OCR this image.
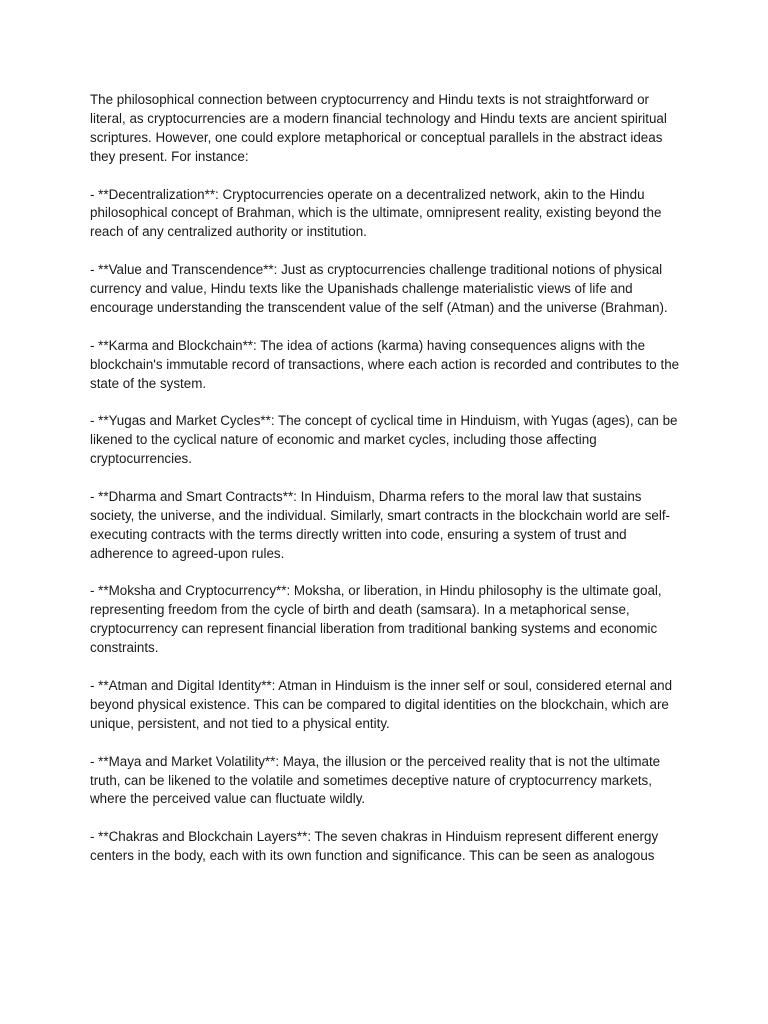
The philosophical connection between cryptocurrency and Hindu texts is not straightforward or literal, as cryptocurrencies are a modern financial technology and Hindu texts are ancient spiritual scriptures. However, one could explore metaphorical or conceptual parallels in the abstract ideas they present. For instance:

- **Decentralization**: Cryptocurrencies operate on a decentralized network, akin to the Hindu philosophical concept of Brahman, which is the ultimate, omnipresent reality, existing beyond the reach of any centralized authority or institution.

- **Value and Transcendence**: Just as cryptocurrencies challenge traditional notions of physical currency and value, Hindu texts like the Upanishads challenge materialistic views of life and encourage understanding the transcendent value of the self (Atman) and the universe (Brahman).

- **Karma and Blockchain**: The idea of actions (karma) having consequences aligns with the blockchain's immutable record of transactions, where each action is recorded and contributes to the state of the system.

- **Yugas and Market Cycles**: The concept of cyclical time in Hinduism, with Yugas (ages), can be likened to the cyclical nature of economic and market cycles, including those affecting cryptocurrencies.

- **Dharma and Smart Contracts**: In Hinduism, Dharma refers to the moral law that sustains society, the universe, and the individual. Similarly, smart contracts in the blockchain world are self-executing contracts with the terms directly written into code, ensuring a system of trust and adherence to agreed-upon rules.

- **Moksha and Cryptocurrency**: Moksha, or liberation, in Hindu philosophy is the ultimate goal, representing freedom from the cycle of birth and death (samsara). In a metaphorical sense, cryptocurrency can represent financial liberation from traditional banking systems and economic constraints.

- **Atman and Digital Identity**: Atman in Hinduism is the inner self or soul, considered eternal and beyond physical existence. This can be compared to digital identities on the blockchain, which are unique, persistent, and not tied to a physical entity.

- **Maya and Market Volatility**: Maya, the illusion or the perceived reality that is not the ultimate truth, can be likened to the volatile and sometimes deceptive nature of cryptocurrency markets, where the perceived value can fluctuate wildly.

- **Chakras and Blockchain Layers**: The seven chakras in Hinduism represent different energy centers in the body, each with its own function and significance. This can be seen as analogous
